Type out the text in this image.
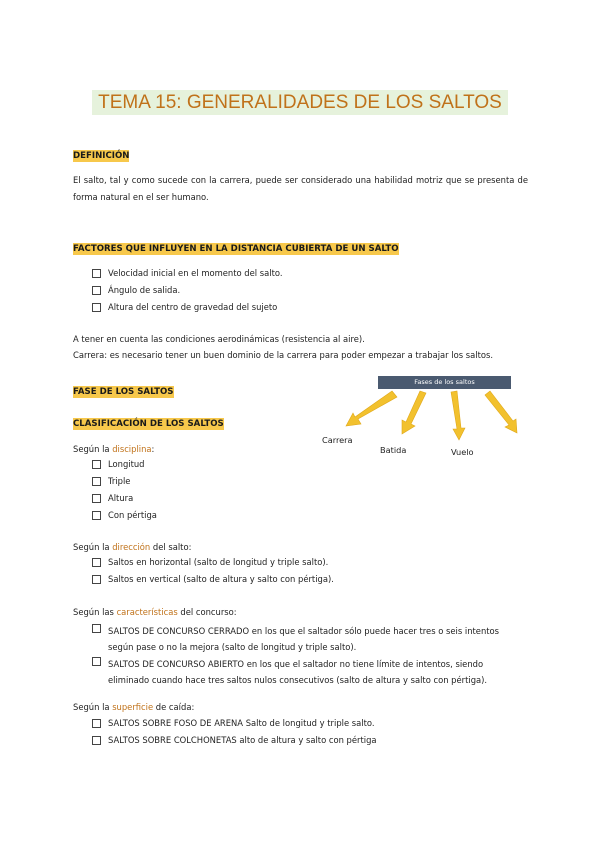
TEMA 15: GENERALIDADES DE LOS SALTOS
DEFINICIÓN
El salto, tal y como sucede con la carrera, puede ser considerado una habilidad motriz que se presenta de forma natural en el ser humano.
FACTORES QUE INFLUYEN EN LA DISTANCIA CUBIERTA DE UN SALTO
Velocidad inicial en el momento del salto.
Ángulo de salida.
Altura del centro de gravedad del sujeto
A tener en cuenta las condiciones aerodinámicas (resistencia al aire).
Carrera: es necesario tener un buen dominio de la carrera para poder empezar a trabajar los saltos.
FASE DE LOS SALTOS
Fases de los saltos
Carrera
Batida	Vuelo
CLASIFICACIÓN DE LOS SALTOS
Según la disciplina:
Longitud
Triple
Altura
Con pértiga
Según la dirección del salto:
Saltos en horizontal (salto de longitud y triple salto).
Saltos en vertical (salto de altura y salto con pértiga).
Según las características del concurso:
SALTOS DE CONCURSO CERRADO en los que el saltador sólo puede hacer tres o seis intentos
según pase o no la mejora (salto de longitud y triple salto).
SALTOS DE CONCURSO ABIERTO en los que el saltador no tiene límite de intentos, siendo
eliminado cuando hace tres saltos nulos consecutivos (salto de altura y salto con pértiga).
Según la superficie de caída:
SALTOS SOBRE FOSO DE ARENA Salto de longitud y triple salto.
SALTOS SOBRE COLCHONETAS alto de altura y salto con pértiga
